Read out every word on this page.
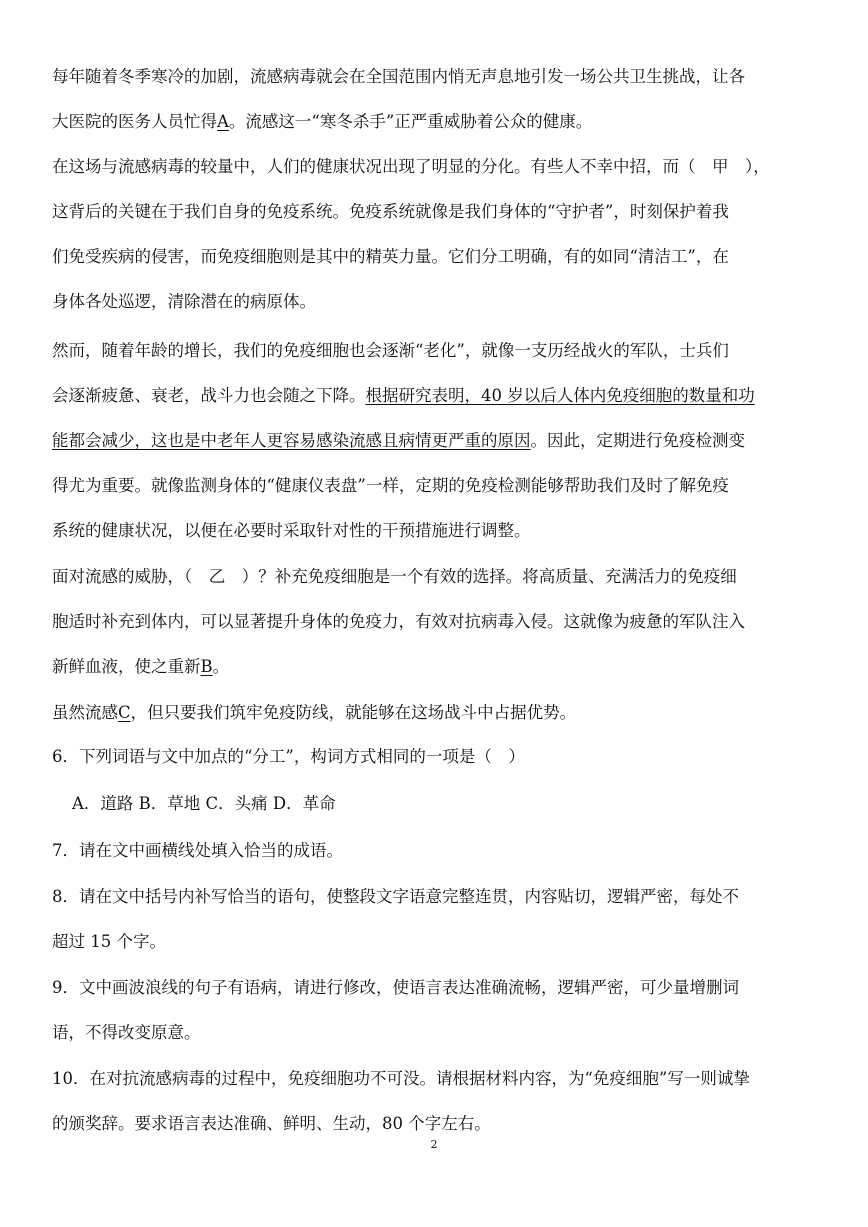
每年随着冬季寒冷的加剧，流感病毒就会在全国范围内悄无声息地引发一场公共卫生挑战，让各
大医院的医务人员忙得A。流感这一“寒冬杀手”正严重威胁着公众的健康。
在这场与流感病毒的较量中，人们的健康状况出现了明显的分化。有些人不幸中招，而（　甲　），
这背后的关键在于我们自身的免疫系统。免疫系统就像是我们身体的“守护者”，时刻保护着我
们免受疾病的侵害，而免疫细胞则是其中的精英力量。它们分工明确，有的如同“清洁工”，在
身体各处巡逻，清除潜在的病原体。
然而，随着年龄的增长，我们的免疫细胞也会逐渐“老化”，就像一支历经战火的军队，士兵们
会逐渐疲惫、衰老，战斗力也会随之下降。根据研究表明，40 岁以后人体内免疫细胞的数量和功
能都会减少，这也是中老年人更容易感染流感且病情更严重的原因。因此，定期进行免疫检测变
得尤为重要。就像监测身体的“健康仪表盘”一样，定期的免疫检测能够帮助我们及时了解免疫
系统的健康状况，以便在必要时采取针对性的干预措施进行调整。
面对流感的威胁，（　乙　）？补充免疫细胞是一个有效的选择。将高质量、充满活力的免疫细
胞适时补充到体内，可以显著提升身体的免疫力，有效对抗病毒入侵。这就像为疲惫的军队注入
新鲜血液，使之重新B。
虽然流感C，但只要我们筑牢免疫防线，就能够在这场战斗中占据优势。
6．下列词语与文中加点的“分工”，构词方式相同的一项是（　）
A．道路 B．草地 C．头痛 D．革命
7．请在文中画横线处填入恰当的成语。
8．请在文中括号内补写恰当的语句，使整段文字语意完整连贯，内容贴切，逻辑严密，每处不
超过 15 个字。
9．文中画波浪线的句子有语病，请进行修改，使语言表达准确流畅，逻辑严密，可少量增删词
语，不得改变原意。
10．在对抗流感病毒的过程中，免疫细胞功不可没。请根据材料内容，为“免疫细胞”写一则诚挚
的颁奖辞。要求语言表达准确、鲜明、生动，80 个字左右。
2
